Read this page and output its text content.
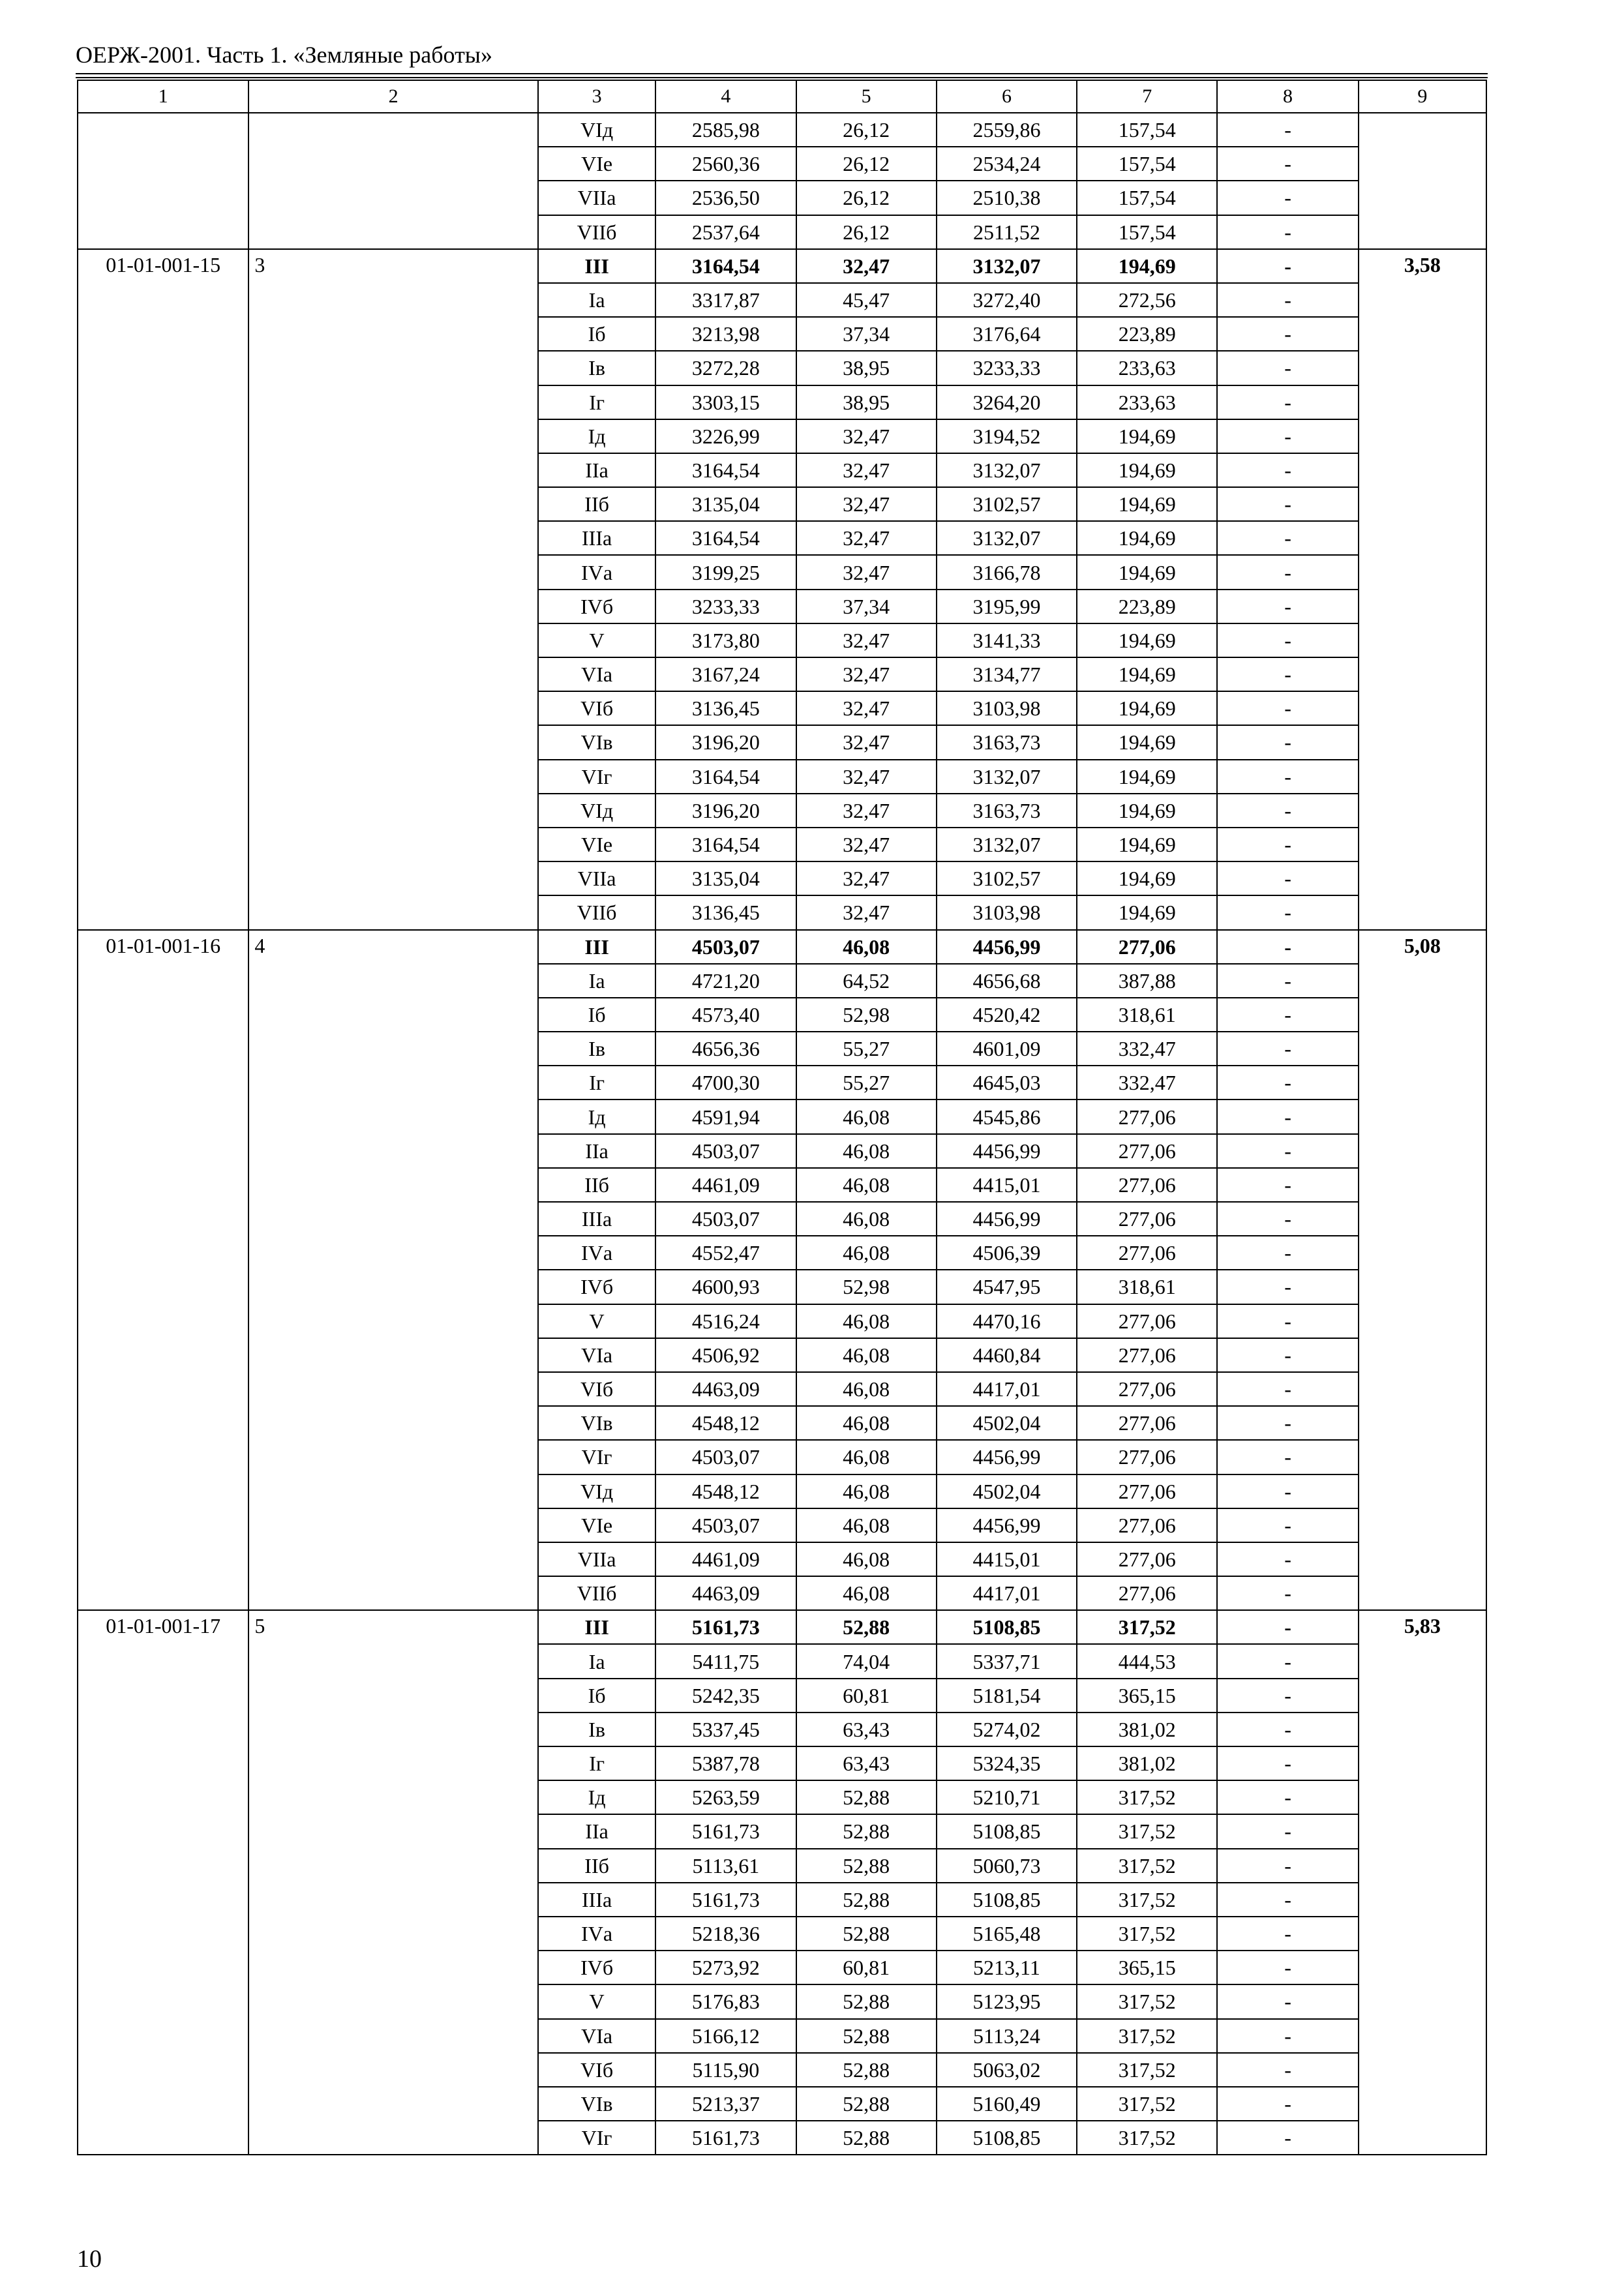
ОЕРЖ-2001. Часть 1. «Земляные работы»
1	2	3	4	5	6	7	8	9
		VIд	2585,98	26,12	2559,86	157,54	-	
		VIе	2560,36	26,12	2534,24	157,54	-	
		VIIа	2536,50	26,12	2510,38	157,54	-	
		VIIб	2537,64	26,12	2511,52	157,54	-	
01-01-001-15	3	III	3164,54	32,47	3132,07	194,69	-	3,58
		Iа	3317,87	45,47	3272,40	272,56	-	
		Iб	3213,98	37,34	3176,64	223,89	-	
		Iв	3272,28	38,95	3233,33	233,63	-	
		Iг	3303,15	38,95	3264,20	233,63	-	
		Iд	3226,99	32,47	3194,52	194,69	-	
		IIа	3164,54	32,47	3132,07	194,69	-	
		IIб	3135,04	32,47	3102,57	194,69	-	
		IIIа	3164,54	32,47	3132,07	194,69	-	
		IVа	3199,25	32,47	3166,78	194,69	-	
		IVб	3233,33	37,34	3195,99	223,89	-	
		V	3173,80	32,47	3141,33	194,69	-	
		VIа	3167,24	32,47	3134,77	194,69	-	
		VIб	3136,45	32,47	3103,98	194,69	-	
		VIв	3196,20	32,47	3163,73	194,69	-	
		VIг	3164,54	32,47	3132,07	194,69	-	
		VIд	3196,20	32,47	3163,73	194,69	-	
		VIе	3164,54	32,47	3132,07	194,69	-	
		VIIа	3135,04	32,47	3102,57	194,69	-	
		VIIб	3136,45	32,47	3103,98	194,69	-	
01-01-001-16	4	III	4503,07	46,08	4456,99	277,06	-	5,08
		Iа	4721,20	64,52	4656,68	387,88	-	
		Iб	4573,40	52,98	4520,42	318,61	-	
		Iв	4656,36	55,27	4601,09	332,47	-	
		Iг	4700,30	55,27	4645,03	332,47	-	
		Iд	4591,94	46,08	4545,86	277,06	-	
		IIа	4503,07	46,08	4456,99	277,06	-	
		IIб	4461,09	46,08	4415,01	277,06	-	
		IIIа	4503,07	46,08	4456,99	277,06	-	
		IVа	4552,47	46,08	4506,39	277,06	-	
		IVб	4600,93	52,98	4547,95	318,61	-	
		V	4516,24	46,08	4470,16	277,06	-	
		VIа	4506,92	46,08	4460,84	277,06	-	
		VIб	4463,09	46,08	4417,01	277,06	-	
		VIв	4548,12	46,08	4502,04	277,06	-	
		VIг	4503,07	46,08	4456,99	277,06	-	
		VIд	4548,12	46,08	4502,04	277,06	-	
		VIе	4503,07	46,08	4456,99	277,06	-	
		VIIа	4461,09	46,08	4415,01	277,06	-	
		VIIб	4463,09	46,08	4417,01	277,06	-	
01-01-001-17	5	III	5161,73	52,88	5108,85	317,52	-	5,83
		Iа	5411,75	74,04	5337,71	444,53	-	
		Iб	5242,35	60,81	5181,54	365,15	-	
		Iв	5337,45	63,43	5274,02	381,02	-	
		Iг	5387,78	63,43	5324,35	381,02	-	
		Iд	5263,59	52,88	5210,71	317,52	-	
		IIа	5161,73	52,88	5108,85	317,52	-	
		IIб	5113,61	52,88	5060,73	317,52	-	
		IIIа	5161,73	52,88	5108,85	317,52	-	
		IVа	5218,36	52,88	5165,48	317,52	-	
		IVб	5273,92	60,81	5213,11	365,15	-	
		V	5176,83	52,88	5123,95	317,52	-	
		VIа	5166,12	52,88	5113,24	317,52	-	
		VIб	5115,90	52,88	5063,02	317,52	-	
		VIв	5213,37	52,88	5160,49	317,52	-	
		VIг	5161,73	52,88	5108,85	317,52	-	
10
